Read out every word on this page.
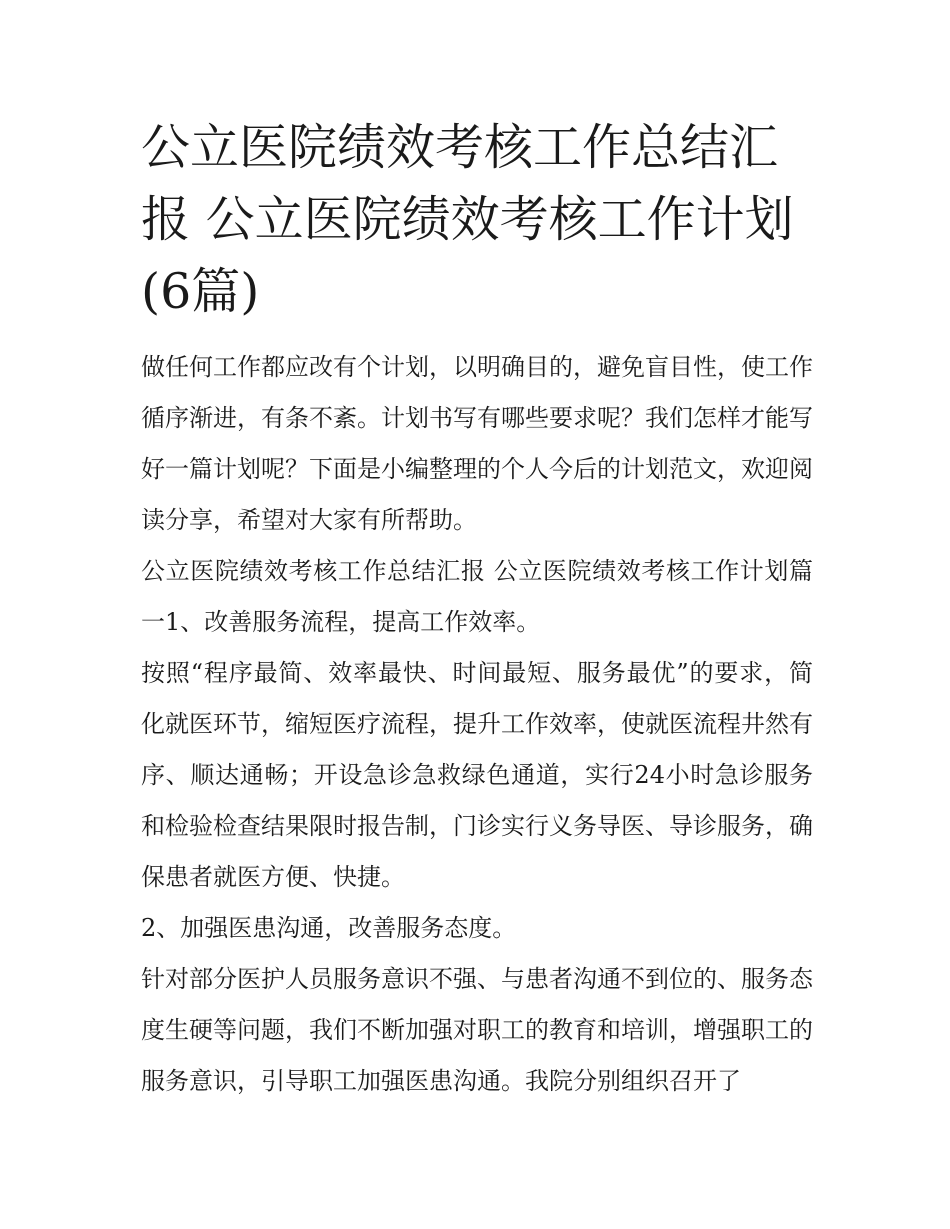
公立医院绩效考核工作总结汇报 公立医院绩效考核工作计划(6篇)

做任何工作都应改有个计划，以明确目的，避免盲目性，使工作循序渐进，有条不紊。计划书写有哪些要求呢？我们怎样才能写好一篇计划呢？下面是小编整理的个人今后的计划范文，欢迎阅读分享，希望对大家有所帮助。

公立医院绩效考核工作总结汇报 公立医院绩效考核工作计划篇一1、改善服务流程，提高工作效率。

按照“程序最简、效率最快、时间最短、服务最优”的要求，简化就医环节，缩短医疗流程，提升工作效率，使就医流程井然有序、顺达通畅；开设急诊急救绿色通道，实行24小时急诊服务和检验检查结果限时报告制，门诊实行义务导医、导诊服务，确保患者就医方便、快捷。

2、加强医患沟通，改善服务态度。

针对部分医护人员服务意识不强、与患者沟通不到位的、服务态度生硬等问题，我们不断加强对职工的教育和培训，增强职工的服务意识，引导职工加强医患沟通。我院分别组织召开了
